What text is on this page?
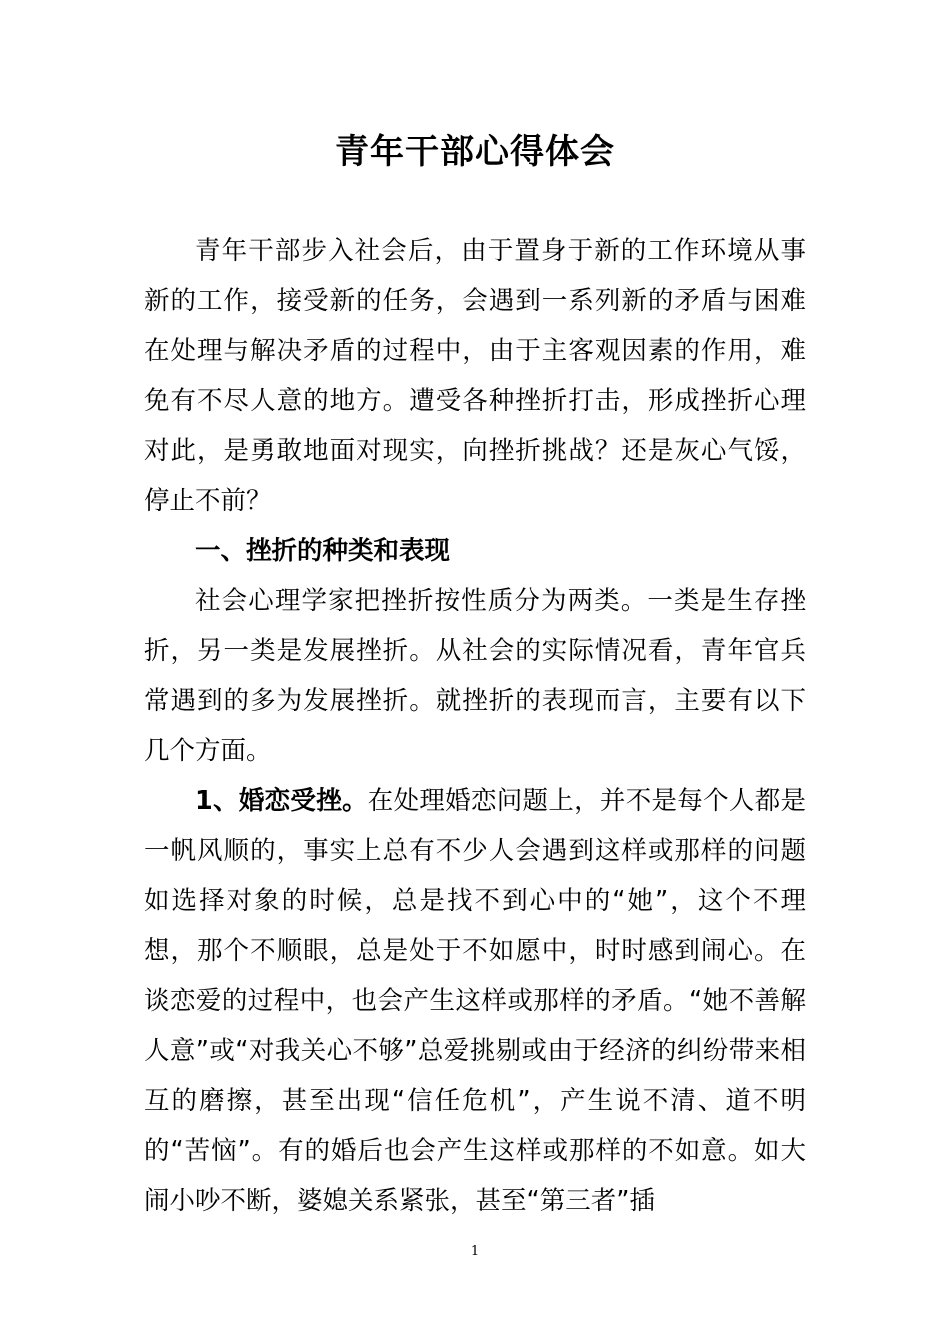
青年干部心得体会

青年干部步入社会后，由于置身于新的工作环境从事新的工作，接受新的任务，会遇到一系列新的矛盾与困难在处理与解决矛盾的过程中，由于主客观因素的作用，难免有不尽人意的地方。遭受各种挫折打击，形成挫折心理对此，是勇敢地面对现实，向挫折挑战？还是灰心气馁，停止不前？

一、挫折的种类和表现

社会心理学家把挫折按性质分为两类。一类是生存挫折，另一类是发展挫折。从社会的实际情况看，青年官兵常遇到的多为发展挫折。就挫折的表现而言，主要有以下几个方面。

1、婚恋受挫。在处理婚恋问题上，并不是每个人都是一帆风顺的，事实上总有不少人会遇到这样或那样的问题如选择对象的时候，总是找不到心中的“她”，这个不理想，那个不顺眼，总是处于不如愿中，时时感到闹心。在谈恋爱的过程中，也会产生这样或那样的矛盾。“她不善解人意”或“对我关心不够”总爱挑剔或由于经济的纠纷带来相互的磨擦，甚至出现“信任危机”，产生说不清、道不明的“苦恼”。有的婚后也会产生这样或那样的不如意。如大闹小吵不断，婆媳关系紧张，甚至“第三者”插

1
